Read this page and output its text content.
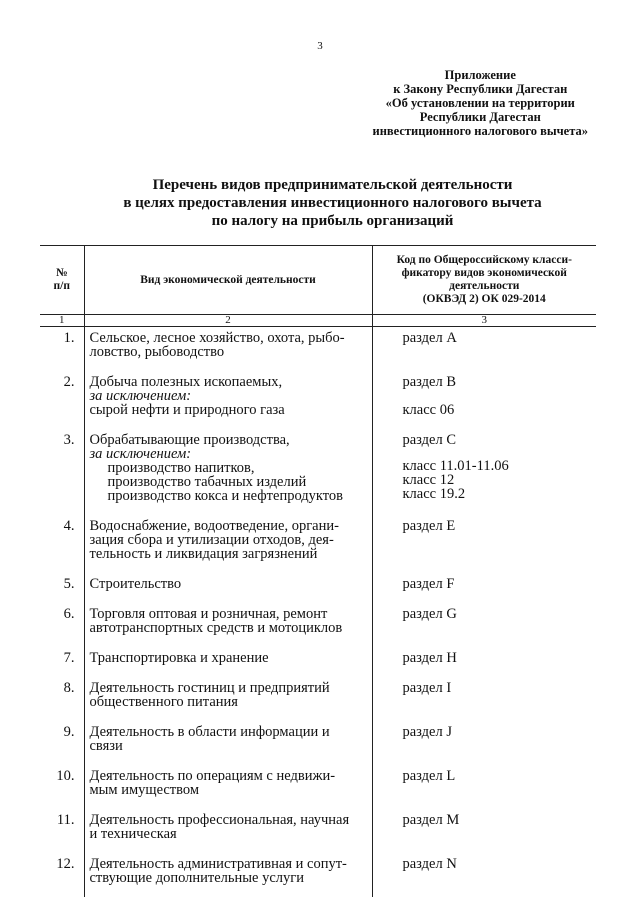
3
Приложение
к Закону Республики Дагестан
«Об установлении на территории
Республики Дагестан
инвестиционного налогового вычета»
Перечень видов предпринимательской деятельности
в целях предоставления инвестиционного налогового вычета
по налогу на прибыль организаций
№
п/п	Вид экономической деятельности	Код по Общероссийскому класси-
фикатору видов экономической
деятельности
(ОКВЭД 2) ОК 029-2014

1	2	3
1.	Сельское, лесное хозяйство, охота, рыбо-
ловство, рыбоводство	раздел А
2.	Добыча полезных ископаемых,
за исключением:
сырой нефти и природного газа	раздел В
класс 06

3.	Обрабатывающие производства,
за исключением:
производство напитков,
производство табачных изделий
производство кокса и нефтепродуктов	раздел С
класс 11.01-11.06
класс 12
класс 19.2

4.	Водоснабжение, водоотведение, органи-
зация сбора и утилизации отходов, дея-
тельность и ликвидация загрязнений	раздел Е
5.	Строительство	раздел F
6.	Торговля оптовая и розничная, ремонт
автотранспортных средств и мотоциклов	раздел G
7.	Транспортировка и хранение	раздел Н
8.	Деятельность гостиниц и предприятий
общественного питания	раздел I
9.	Деятельность в области информации и
связи	раздел J
10.	Деятельность по операциям с недвижи-
мым имуществом	раздел L
11.	Деятельность профессиональная, научная
и техническая	раздел М
12.	Деятельность административная и сопут-
ствующие дополнительные услуги	раздел N
